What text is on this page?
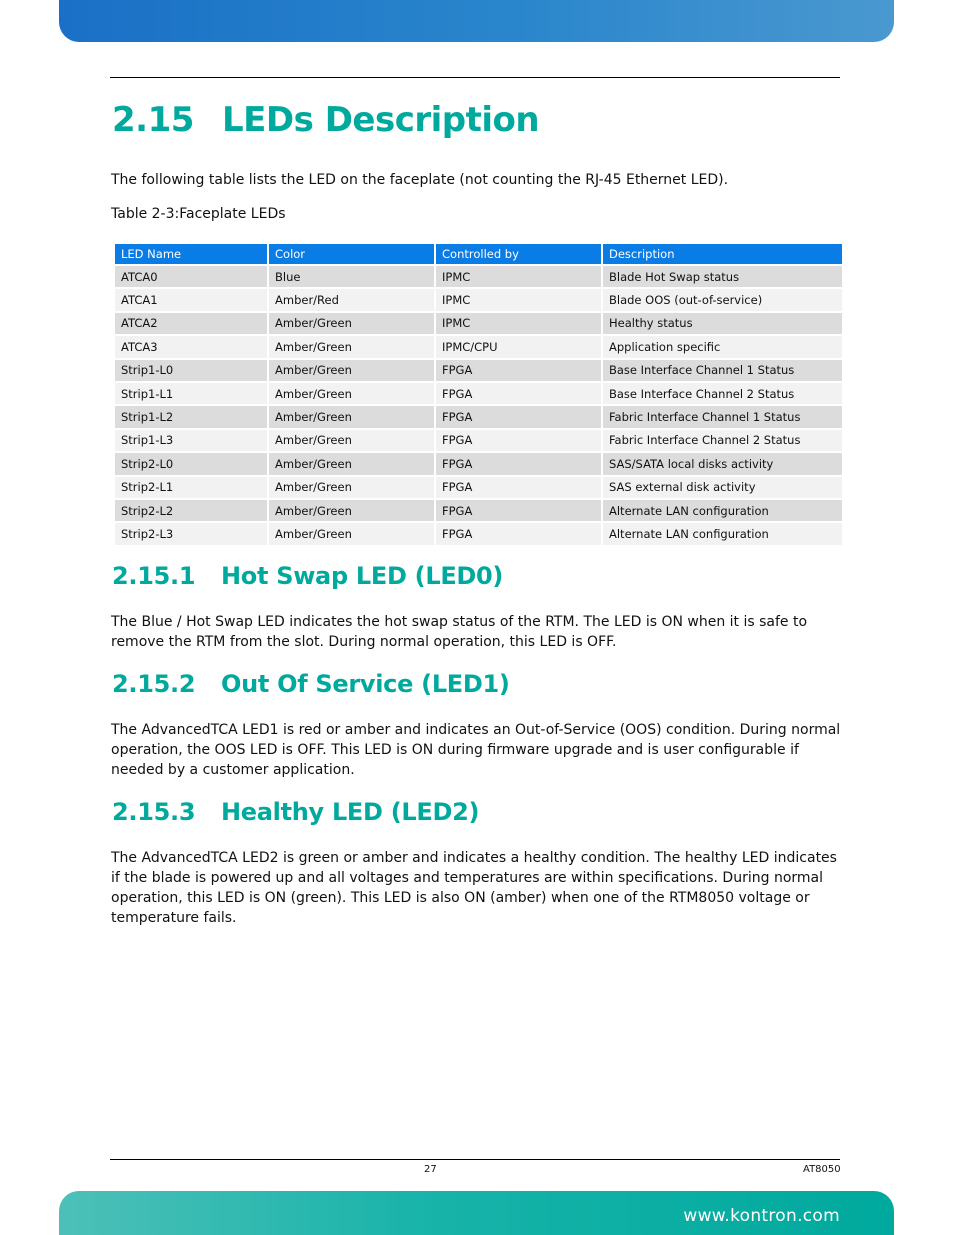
2.15 LEDs Description

The following table lists the LED on the faceplate (not counting the RJ-45 Ethernet LED).

Table 2-3:Faceplate LEDs
LED Name	Color	Controlled by	Description
ATCA0	Blue	IPMC	Blade Hot Swap status
ATCA1	Amber/Red	IPMC	Blade OOS (out-of-service)
ATCA2	Amber/Green	IPMC	Healthy status
ATCA3	Amber/Green	IPMC/CPU	Application specific
Strip1-L0	Amber/Green	FPGA	Base Interface Channel 1 Status
Strip1-L1	Amber/Green	FPGA	Base Interface Channel 2 Status
Strip1-L2	Amber/Green	FPGA	Fabric Interface Channel 1 Status
Strip1-L3	Amber/Green	FPGA	Fabric Interface Channel 2 Status
Strip2-L0	Amber/Green	FPGA	SAS/SATA local disks activity
Strip2-L1	Amber/Green	FPGA	SAS external disk activity
Strip2-L2	Amber/Green	FPGA	Alternate LAN configuration
Strip2-L3	Amber/Green	FPGA	Alternate LAN configuration
2.15.1 Hot Swap LED (LED0)

The Blue / Hot Swap LED indicates the hot swap status of the RTM. The LED is ON when it is safe to remove the RTM from the slot. During normal operation, this LED is OFF.

2.15.2 Out Of Service (LED1)

The AdvancedTCA LED1 is red or amber and indicates an Out-of-Service (OOS) condition. During normal operation, the OOS LED is OFF. This LED is ON during firmware upgrade and is user configurable if needed by a customer application.

2.15.3 Healthy LED (LED2)

The AdvancedTCA LED2 is green or amber and indicates a healthy condition. The healthy LED indicates if the blade is powered up and all voltages and temperatures are within specifications. During normal operation, this LED is ON (green). This LED is also ON (amber) when one of the RTM8050 voltage or temperature fails.

27	AT8050
www.kontron.com
